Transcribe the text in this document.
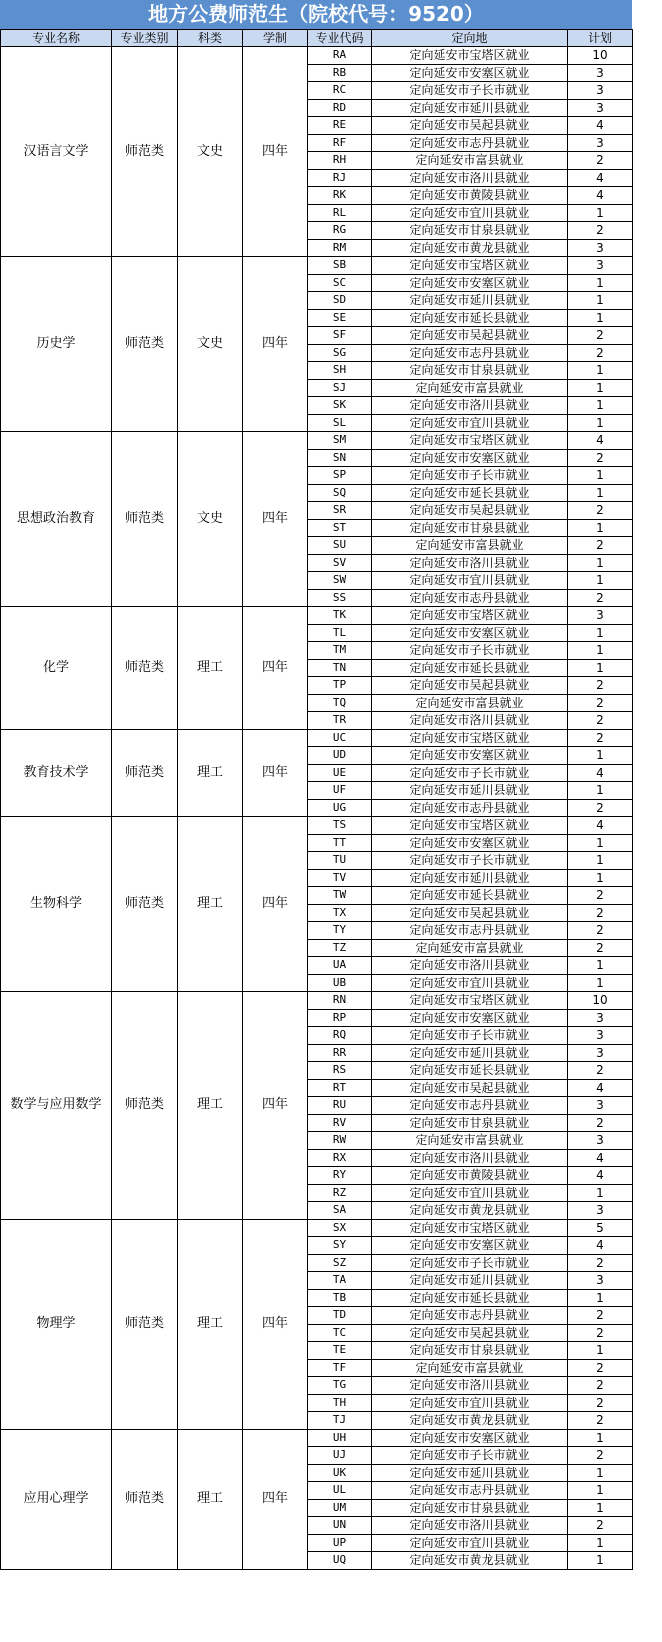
地方公费师范生（院校代号：9520）
专业名称	专业类别	科类	学制	专业代码	定向地	计划
汉语言文学	师范类	文史	四年	RA	定向延安市宝塔区就业	10
				RB	定向延安市安塞区就业	3
				RC	定向延安市子长市就业	3
				RD	定向延安市延川县就业	3
				RE	定向延安市吴起县就业	4
				RF	定向延安市志丹县就业	3
				RH	定向延安市富县就业	2
				RJ	定向延安市洛川县就业	4
				RK	定向延安市黄陵县就业	4
				RL	定向延安市宜川县就业	1
				RG	定向延安市甘泉县就业	2
				RM	定向延安市黄龙县就业	3
历史学	师范类	文史	四年	SB	定向延安市宝塔区就业	3
				SC	定向延安市安塞区就业	1
				SD	定向延安市延川县就业	1
				SE	定向延安市延长县就业	1
				SF	定向延安市吴起县就业	2
				SG	定向延安市志丹县就业	2
				SH	定向延安市甘泉县就业	1
				SJ	定向延安市富县就业	1
				SK	定向延安市洛川县就业	1
				SL	定向延安市宜川县就业	1
思想政治教育	师范类	文史	四年	SM	定向延安市宝塔区就业	4
				SN	定向延安市安塞区就业	2
				SP	定向延安市子长市就业	1
				SQ	定向延安市延长县就业	1
				SR	定向延安市吴起县就业	2
				ST	定向延安市甘泉县就业	1
				SU	定向延安市富县就业	2
				SV	定向延安市洛川县就业	1
				SW	定向延安市宜川县就业	1
				SS	定向延安市志丹县就业	2
化学	师范类	理工	四年	TK	定向延安市宝塔区就业	3
				TL	定向延安市安塞区就业	1
				TM	定向延安市子长市就业	1
				TN	定向延安市延长县就业	1
				TP	定向延安市吴起县就业	2
				TQ	定向延安市富县就业	2
				TR	定向延安市洛川县就业	2
教育技术学	师范类	理工	四年	UC	定向延安市宝塔区就业	2
				UD	定向延安市安塞区就业	1
				UE	定向延安市子长市就业	4
				UF	定向延安市延川县就业	1
				UG	定向延安市志丹县就业	2
生物科学	师范类	理工	四年	TS	定向延安市宝塔区就业	4
				TT	定向延安市安塞区就业	1
				TU	定向延安市子长市就业	1
				TV	定向延安市延川县就业	1
				TW	定向延安市延长县就业	2
				TX	定向延安市吴起县就业	2
				TY	定向延安市志丹县就业	2
				TZ	定向延安市富县就业	2
				UA	定向延安市洛川县就业	1
				UB	定向延安市宜川县就业	1
数学与应用数学	师范类	理工	四年	RN	定向延安市宝塔区就业	10
				RP	定向延安市安塞区就业	3
				RQ	定向延安市子长市就业	3
				RR	定向延安市延川县就业	3
				RS	定向延安市延长县就业	2
				RT	定向延安市吴起县就业	4
				RU	定向延安市志丹县就业	3
				RV	定向延安市甘泉县就业	2
				RW	定向延安市富县就业	3
				RX	定向延安市洛川县就业	4
				RY	定向延安市黄陵县就业	4
				RZ	定向延安市宜川县就业	1
				SA	定向延安市黄龙县就业	3
物理学	师范类	理工	四年	SX	定向延安市宝塔区就业	5
				SY	定向延安市安塞区就业	4
				SZ	定向延安市子长市就业	2
				TA	定向延安市延川县就业	3
				TB	定向延安市延长县就业	1
				TD	定向延安市志丹县就业	2
				TC	定向延安市吴起县就业	2
				TE	定向延安市甘泉县就业	1
				TF	定向延安市富县就业	2
				TG	定向延安市洛川县就业	2
				TH	定向延安市宜川县就业	2
				TJ	定向延安市黄龙县就业	2
应用心理学	师范类	理工	四年	UH	定向延安市安塞区就业	1
				UJ	定向延安市子长市就业	2
				UK	定向延安市延川县就业	1
				UL	定向延安市志丹县就业	1
				UM	定向延安市甘泉县就业	1
				UN	定向延安市洛川县就业	2
				UP	定向延安市宜川县就业	1
				UQ	定向延安市黄龙县就业	1
